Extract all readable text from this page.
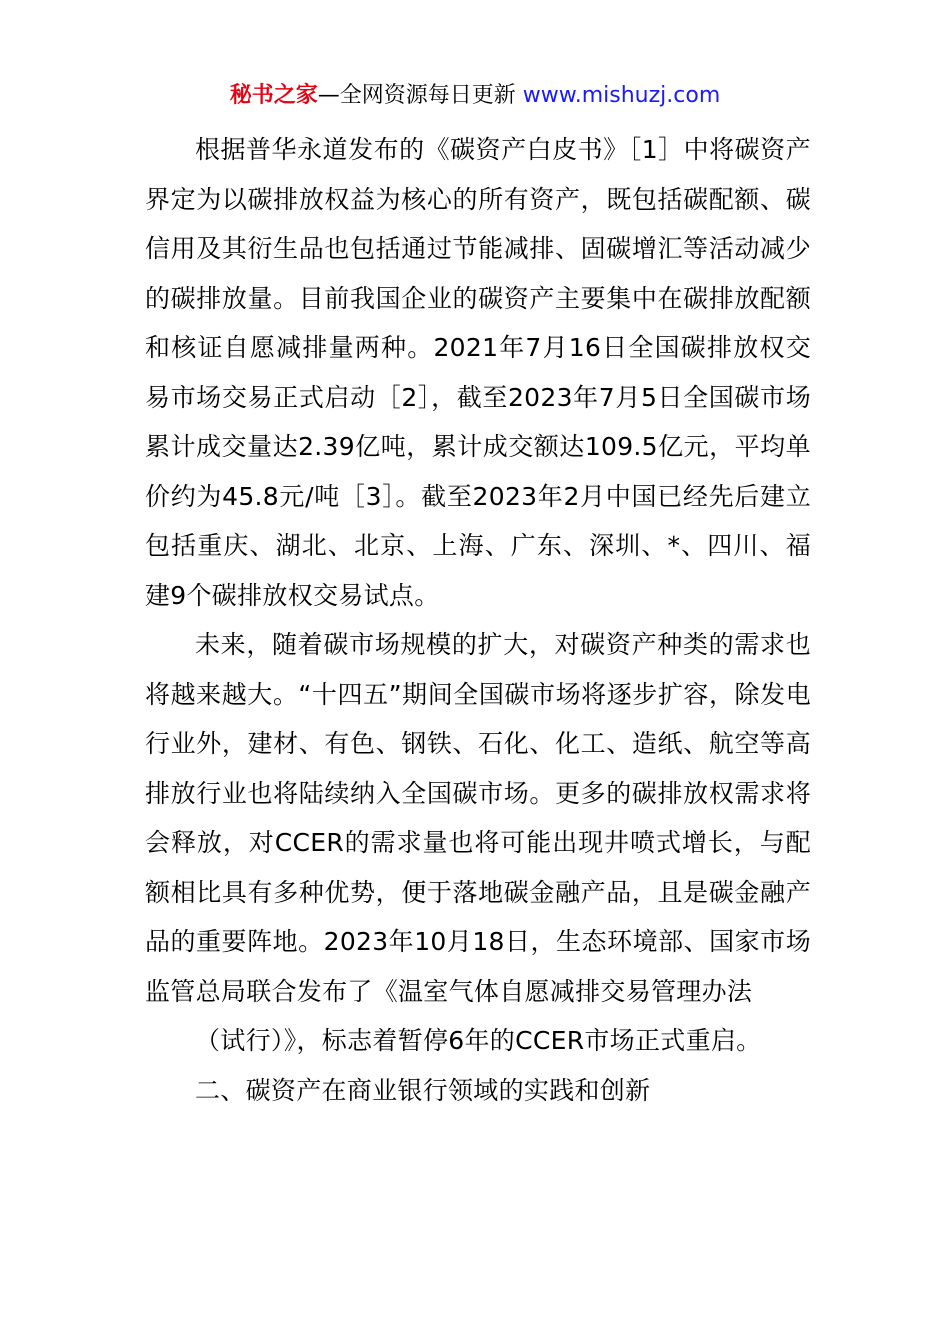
秘书之家—全网资源每日更新 www.mishuzj.com

根据普华永道发布的《碳资产白皮书》［1］中将碳资产界定为以碳排放权益为核心的所有资产，既包括碳配额、碳信用及其衍生品也包括通过节能减排、固碳增汇等活动减少的碳排放量。目前我国企业的碳资产主要集中在碳排放配额和核证自愿减排量两种。2021年7月16日全国碳排放权交易市场交易正式启动［2］，截至2023年7月5日全国碳市场累计成交量达2.39亿吨，累计成交额达109.5亿元，平均单价约为45.8元/吨［3］。截至2023年2月中国已经先后建立包括重庆、湖北、北京、上海、广东、深圳、*、四川、福建9个碳排放权交易试点。

未来，随着碳市场规模的扩大，对碳资产种类的需求也将越来越大。“十四五”期间全国碳市场将逐步扩容，除发电行业外，建材、有色、钢铁、石化、化工、造纸、航空等高排放行业也将陆续纳入全国碳市场。更多的碳排放权需求将会释放，对CCER的需求量也将可能出现井喷式增长，与配额相比具有多种优势，便于落地碳金融产品，且是碳金融产品的重要阵地。2023年10月18日，生态环境部、国家市场监管总局联合发布了《温室气体自愿减排交易管理办法

（试行）》，标志着暂停6年的CCER市场正式重启。

二、碳资产在商业银行领域的实践和创新
